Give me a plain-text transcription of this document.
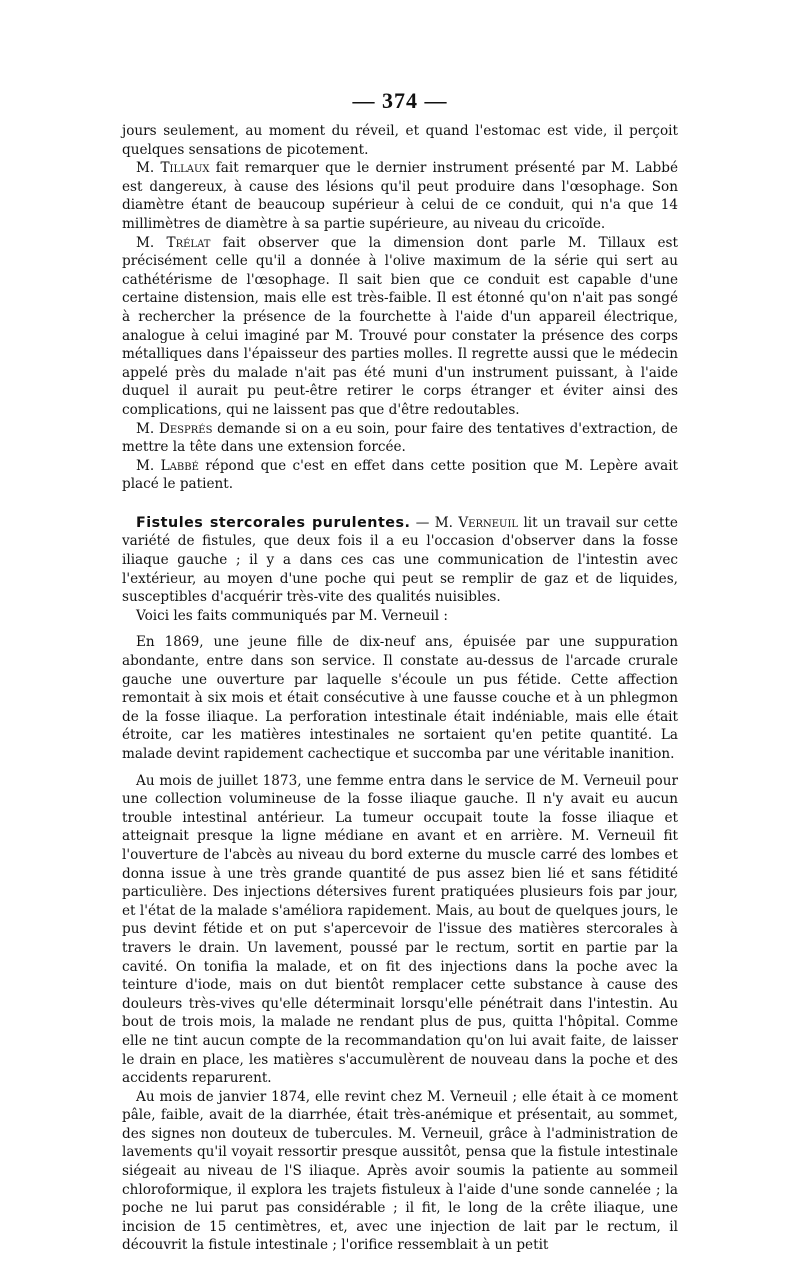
— 374 —

jours seulement, au moment du réveil, et quand l'estomac est vide, il perçoit quelques sensations de picotement.

M. Tillaux fait remarquer que le dernier instrument présenté par M. Labbé est dangereux, à cause des lésions qu'il peut produire dans l'œsophage. Son diamètre étant de beaucoup supérieur à celui de ce conduit, qui n'a que 14 millimètres de diamètre à sa partie supérieure, au niveau du cricoïde.

M. Trélat fait observer que la dimension dont parle M. Tillaux est précisément celle qu'il a donnée à l'olive maximum de la série qui sert au cathétérisme de l'œsophage. Il sait bien que ce conduit est capable d'une certaine distension, mais elle est très-faible. Il est étonné qu'on n'ait pas songé à rechercher la présence de la fourchette à l'aide d'un appareil électrique, analogue à celui imaginé par M. Trouvé pour constater la présence des corps métalliques dans l'épaisseur des parties molles. Il regrette aussi que le médecin appelé près du malade n'ait pas été muni d'un instrument puissant, à l'aide duquel il aurait pu peut-être retirer le corps étranger et éviter ainsi des complications, qui ne laissent pas que d'être redoutables.

M. Després demande si on a eu soin, pour faire des tentatives d'extraction, de mettre la tête dans une extension forcée.

M. Labbé répond que c'est en effet dans cette position que M. Lepère avait placé le patient.

Fistules stercorales purulentes. — M. Verneuil lit un travail sur cette variété de fistules, que deux fois il a eu l'occasion d'observer dans la fosse iliaque gauche ; il y a dans ces cas une communication de l'intestin avec l'extérieur, au moyen d'une poche qui peut se remplir de gaz et de liquides, susceptibles d'acquérir très-vite des qualités nuisibles.

Voici les faits communiqués par M. Verneuil :

En 1869, une jeune fille de dix-neuf ans, épuisée par une suppuration abondante, entre dans son service. Il constate au-dessus de l'arcade crurale gauche une ouverture par laquelle s'écoule un pus fétide. Cette affection remontait à six mois et était consécutive à une fausse couche et à un phlegmon de la fosse iliaque. La perforation intestinale était indéniable, mais elle était étroite, car les matières intestinales ne sortaient qu'en petite quantité. La malade devint rapidement cachectique et succomba par une véritable inanition.

Au mois de juillet 1873, une femme entra dans le service de M. Verneuil pour une collection volumineuse de la fosse iliaque gauche. Il n'y avait eu aucun trouble intestinal antérieur. La tumeur occupait toute la fosse iliaque et atteignait presque la ligne médiane en avant et en arrière. M. Verneuil fit l'ouverture de l'abcès au niveau du bord externe du muscle carré des lombes et donna issue à une très grande quantité de pus assez bien lié et sans fétidité particulière. Des injections détersives furent pratiquées plusieurs fois par jour, et l'état de la malade s'améliora rapidement. Mais, au bout de quelques jours, le pus devint fétide et on put s'apercevoir de l'issue des matières stercorales à travers le drain. Un lavement, poussé par le rectum, sortit en partie par la cavité. On tonifia la malade, et on fit des injections dans la poche avec la teinture d'iode, mais on dut bientôt remplacer cette substance à cause des douleurs très-vives qu'elle déterminait lorsqu'elle pénétrait dans l'intestin. Au bout de trois mois, la malade ne rendant plus de pus, quitta l'hôpital. Comme elle ne tint aucun compte de la recommandation qu'on lui avait faite, de laisser le drain en place, les matières s'accumulèrent de nouveau dans la poche et des accidents reparurent.

Au mois de janvier 1874, elle revint chez M. Verneuil ; elle était à ce moment pâle, faible, avait de la diarrhée, était très-anémique et présentait, au sommet, des signes non douteux de tubercules. M. Verneuil, grâce à l'administration de lavements qu'il voyait ressortir presque aussitôt, pensa que la fistule intestinale siégeait au niveau de l'S iliaque. Après avoir soumis la patiente au sommeil chloroformique, il explora les trajets fistuleux à l'aide d'une sonde cannelée ; la poche ne lui parut pas considérable ; il fit, le long de la crête iliaque, une incision de 15 centimètres, et, avec une injection de lait par le rectum, il découvrit la fistule intestinale ; l'orifice ressemblait à un petit
